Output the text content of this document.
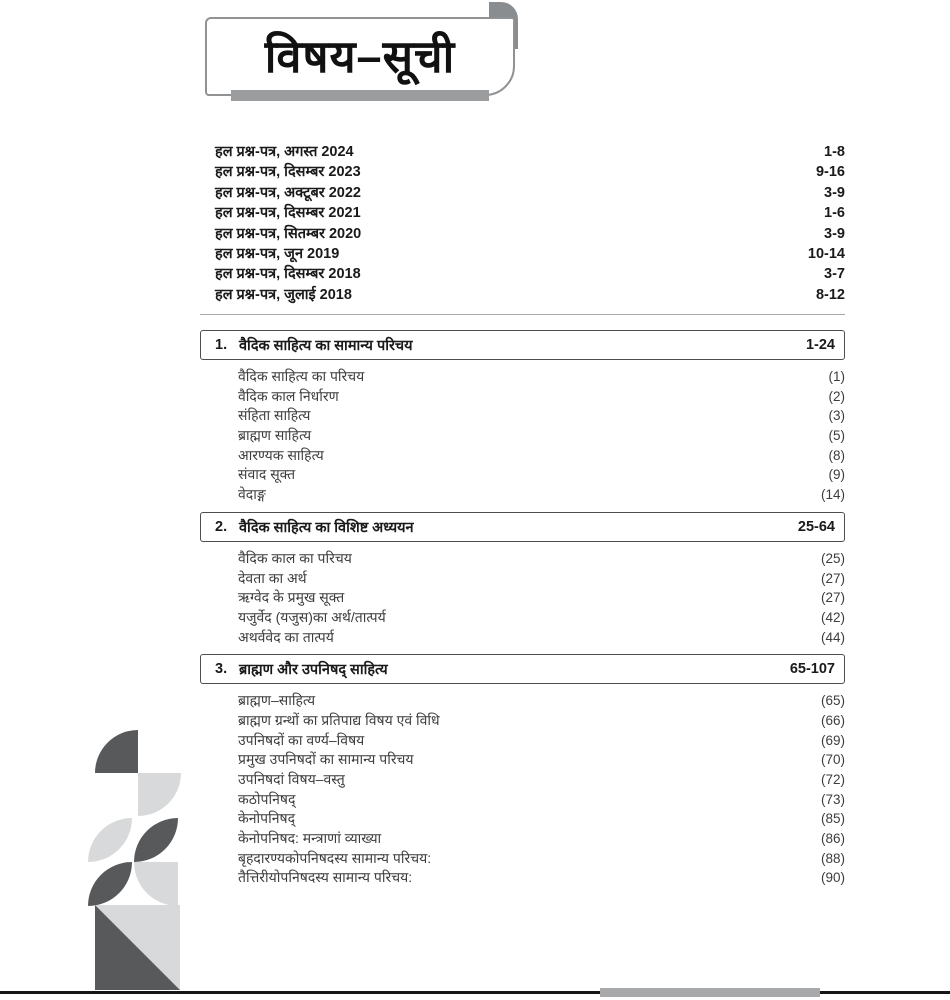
विषय–सूची
हल प्रश्न-पत्र, अगस्त 2024	1-8
हल प्रश्न-पत्र, दिसम्बर 2023	9-16
हल प्रश्न-पत्र, अक्टूबर 2022	3-9
हल प्रश्न-पत्र, दिसम्बर 2021	1-6
हल प्रश्न-पत्र, सितम्बर 2020	3-9
हल प्रश्न-पत्र, जून 2019	10-14
हल प्रश्न-पत्र, दिसम्बर 2018	3-7
हल प्रश्न-पत्र, जुलाई 2018	8-12
1. वैदिक साहित्य का सामान्य परिचय	1-24
वैदिक साहित्य का परिचय	(1)
वैदिक काल निर्धारण	(2)
संहिता साहित्य	(3)
ब्राह्मण साहित्य	(5)
आरण्यक साहित्य	(8)
संवाद सूक्त	(9)
वेदाङ्ग	(14)
2. वैदिक साहित्य का विशिष्ट अध्ययन	25-64
वैदिक काल का परिचय	(25)
देवता का अर्थ	(27)
ऋग्वेद के प्रमुख सूक्त	(27)
यजुर्वेद (यजुस)का अर्थ/तात्पर्य	(42)
अथर्ववेद का तात्पर्य	(44)
3. ब्राह्मण और उपनिषद् साहित्य	65-107
ब्राह्मण–साहित्य	(65)
ब्राह्मण ग्रन्थों का प्रतिपाद्य विषय एवं विधि	(66)
उपनिषदों का वर्ण्य–विषय	(69)
प्रमुख उपनिषदों का सामान्य परिचय	(70)
उपनिषदां विषय–वस्तु	(72)
कठोपनिषद्	(73)
केनोपनिषद्	(85)
केनोपनिषद: मन्त्राणां व्याख्या	(86)
बृहदारण्यकोपनिषदस्य सामान्य परिचय:	(88)
तैत्तिरीयोपनिषदस्य सामान्य परिचय:	(90)
